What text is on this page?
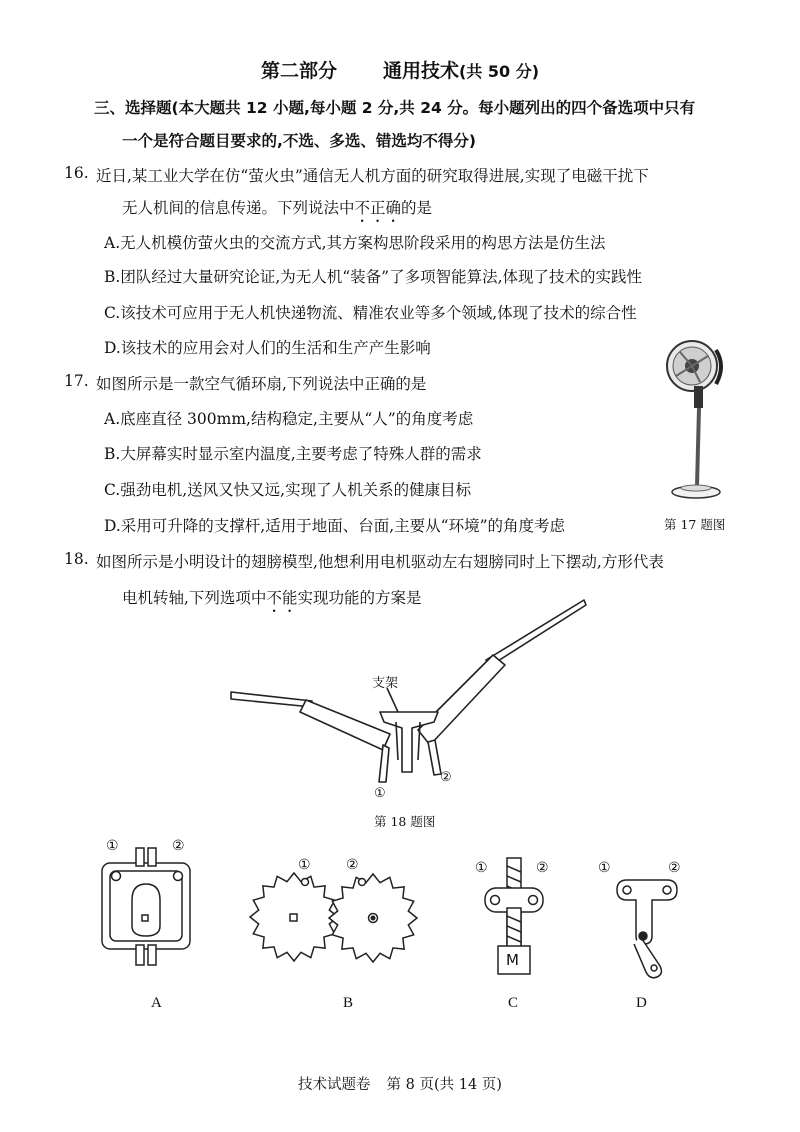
第二部分 通用技术(共 50 分)
三、选择题(本大题共 12 小题,每小题 2 分,共 24 分。每小题列出的四个备选项中只有
一个是符合题目要求的,不选、多选、错选均不得分)
16. 近日,某工业大学在仿“萤火虫”通信无人机方面的研究取得进展,实现了电磁干扰下
无人机间的信息传递。下列说法中不正确的是
A.无人机模仿萤火虫的交流方式,其方案构思阶段采用的构思方法是仿生法
B.团队经过大量研究论证,为无人机“装备”了多项智能算法,体现了技术的实践性
C.该技术可应用于无人机快递物流、精准农业等多个领域,体现了技术的综合性
D.该技术的应用会对人们的生活和生产产生影响
17. 如图所示是一款空气循环扇,下列说法中正确的是
A.底座直径 300mm,结构稳定,主要从“人”的角度考虑
B.大屏幕实时显示室内温度,主要考虑了特殊人群的需求
C.强劲电机,送风又快又远,实现了人机关系的健康目标
D.采用可升降的支撑杆,适用于地面、台面,主要从“环境”的角度考虑	第 17 题图
18. 如图所示是小明设计的翅膀模型,他想利用电机驱动左右翅膀同时上下摆动,方形代表
电机转轴,下列选项中不能实现功能的方案是
支架
①
②
第 18 题图
①	②
①	②	①	②	①	②
M
A	B	C	D
技术试题卷 第 8 页(共 14 页)
